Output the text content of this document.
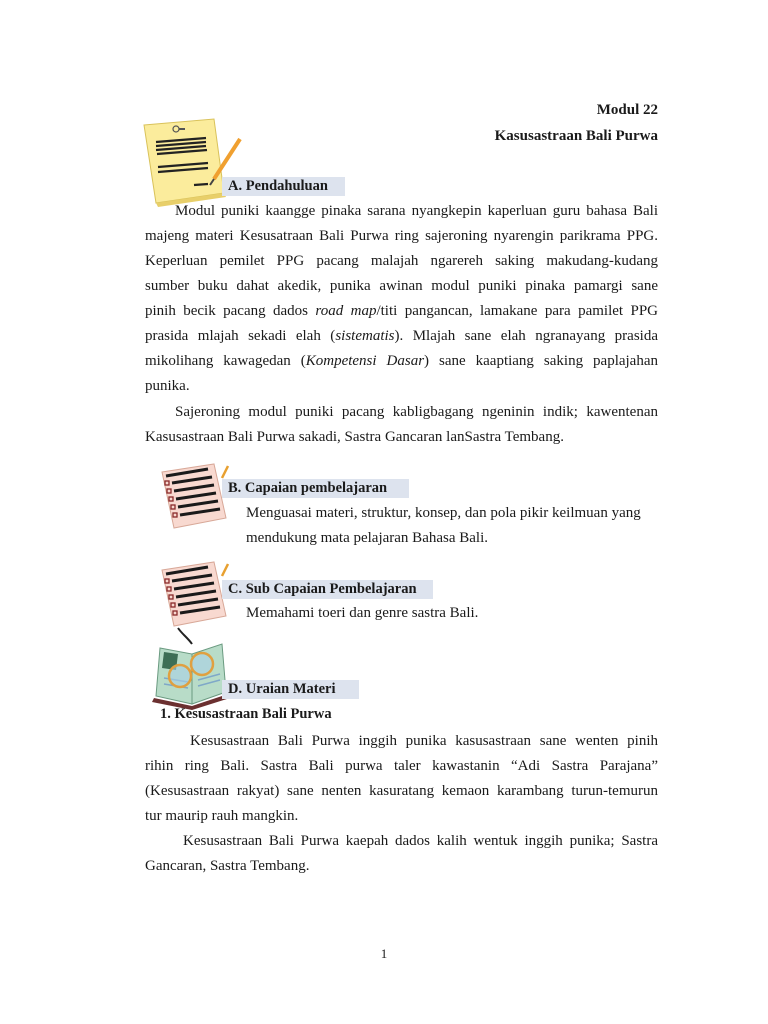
Modul 22
Kasusastraan Bali Purwa
A. Pendahuluan
Modul puniki kaangge pinaka sarana nyangkepin kaperluan guru bahasa Bali
majeng materi Kesusatraan Bali Purwa ring sajeroning nyarengin parikrama PPG.
Keperluan pemilet PPG pacang malajah ngarereh saking makudang-kudang
sumber buku dahat akedik, punika awinan modul puniki pinaka pamargi sane
pinih becik pacang dados road map/titi pangancan, lamakane para pamilet PPG
prasida mlajah sekadi elah (sistematis). Mlajah sane elah ngranayang prasida
mikolihang kawagedan (Kompetensi Dasar) sane kaaptiang saking paplajahan
punika.
Sajeroning modul puniki pacang kabligbagang ngeninin indik; kawentenan
Kasusastraan Bali Purwa sakadi, Sastra Gancaran lanSastra Tembang.
B. Capaian pembelajaran
Menguasai materi, struktur, konsep, dan pola pikir keilmuan yang
mendukung mata pelajaran Bahasa Bali.
C. Sub Capaian Pembelajaran
Memahami toeri dan genre sastra Bali.
D. Uraian Materi
1. Kesusastraan Bali Purwa
Kesusastraan Bali Purwa inggih punika kasusastraan sane wenten pinih
rihin ring Bali. Sastra Bali purwa taler kawastanin “Adi Sastra Parajana”
(Kesusastraan rakyat) sane nenten kasuratang kemaon karambang turun-temurun
tur maurip rauh mangkin.
Kesusastraan Bali Purwa kaepah dados kalih wentuk inggih punika; Sastra
Gancaran, Sastra Tembang.
1
